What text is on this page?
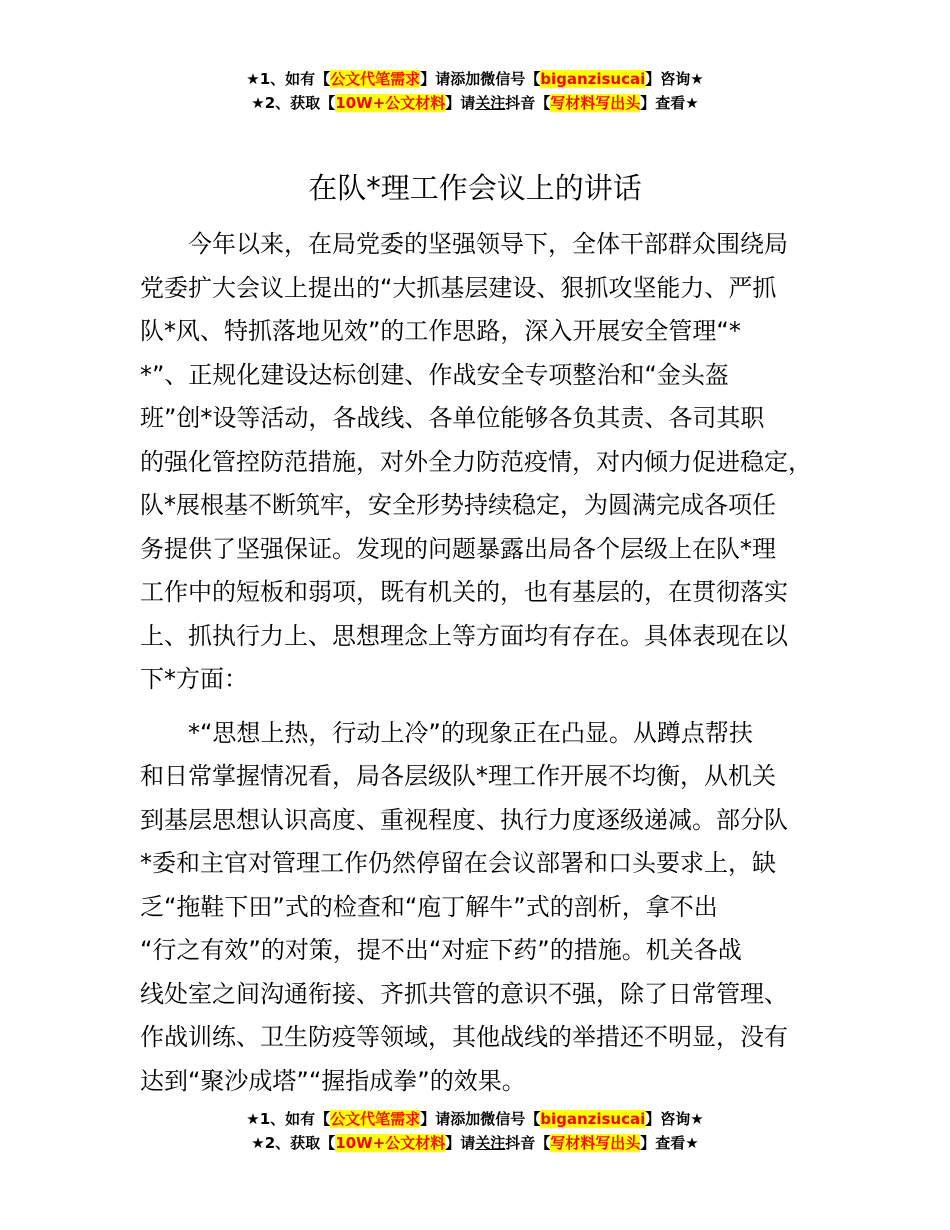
★1、如有【公文代笔需求】请添加微信号【biganzisucai】咨询★
★2、获取【10W+公文材料】请关注抖音【写材料写出头】查看★
在队*理工作会议上的讲话
今年以来，在局党委的坚强领导下，全体干部群众围绕局
党委扩大会议上提出的“大抓基层建设、狠抓攻坚能力、严抓
队*风、特抓落地见效”的工作思路，深入开展安全管理“*
*”、正规化建设达标创建、作战安全专项整治和“金头盔
班”创*设等活动，各战线、各单位能够各负其责、各司其职
的强化管控防范措施，对外全力防范疫情，对内倾力促进稳定，
队*展根基不断筑牢，安全形势持续稳定，为圆满完成各项任
务提供了坚强保证。发现的问题暴露出局各个层级上在队*理
工作中的短板和弱项，既有机关的，也有基层的，在贯彻落实
上、抓执行力上、思想理念上等方面均有存在。具体表现在以
下*方面：
*“思想上热，行动上冷”的现象正在凸显。从蹲点帮扶
和日常掌握情况看，局各层级队*理工作开展不均衡，从机关
到基层思想认识高度、重视程度、执行力度逐级递减。部分队
*委和主官对管理工作仍然停留在会议部署和口头要求上，缺
乏“拖鞋下田”式的检查和“庖丁解牛”式的剖析，拿不出
“行之有效”的对策，提不出“对症下药”的措施。机关各战
线处室之间沟通衔接、齐抓共管的意识不强，除了日常管理、
作战训练、卫生防疫等领域，其他战线的举措还不明显，没有
达到“聚沙成塔”“握指成拳”的效果。
★1、如有【公文代笔需求】请添加微信号【biganzisucai】咨询★
★2、获取【10W+公文材料】请关注抖音【写材料写出头】查看★
